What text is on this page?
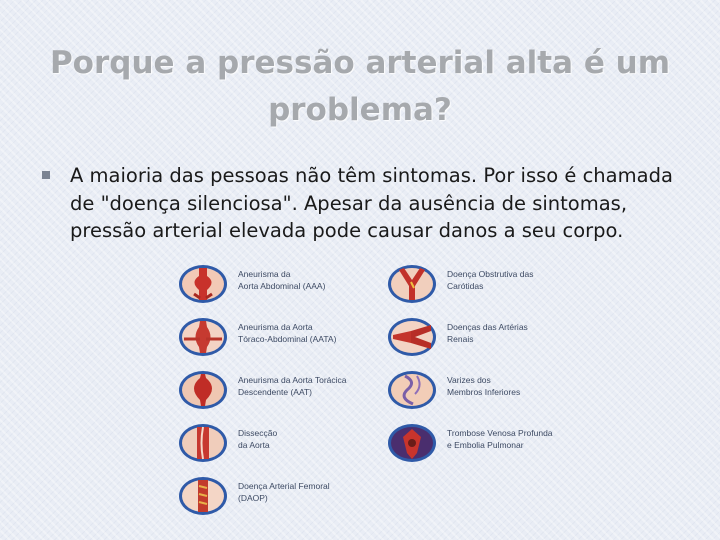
Porque a pressão arterial alta é um problema?

A maioria das pessoas não têm sintomas. Por isso é chamada de "doença silenciosa". Apesar da ausência de sintomas, pressão arterial elevada pode causar danos a seu corpo.

Aneurisma da
Aorta Abdominal (AAA)

Aneurisma da Aorta
Tóraco-Abdominal (AATA)

Aneurisma da Aorta Torácica
Descendente (AAT)

Dissecção
da Aorta

Doença Arterial Femoral
(DAOP)

Doença Obstrutiva das
Carótidas

Doenças das Artérias
Renais

Varizes dos
Membros Inferiores

Trombose Venosa Profunda
e Embolia Pulmonar
